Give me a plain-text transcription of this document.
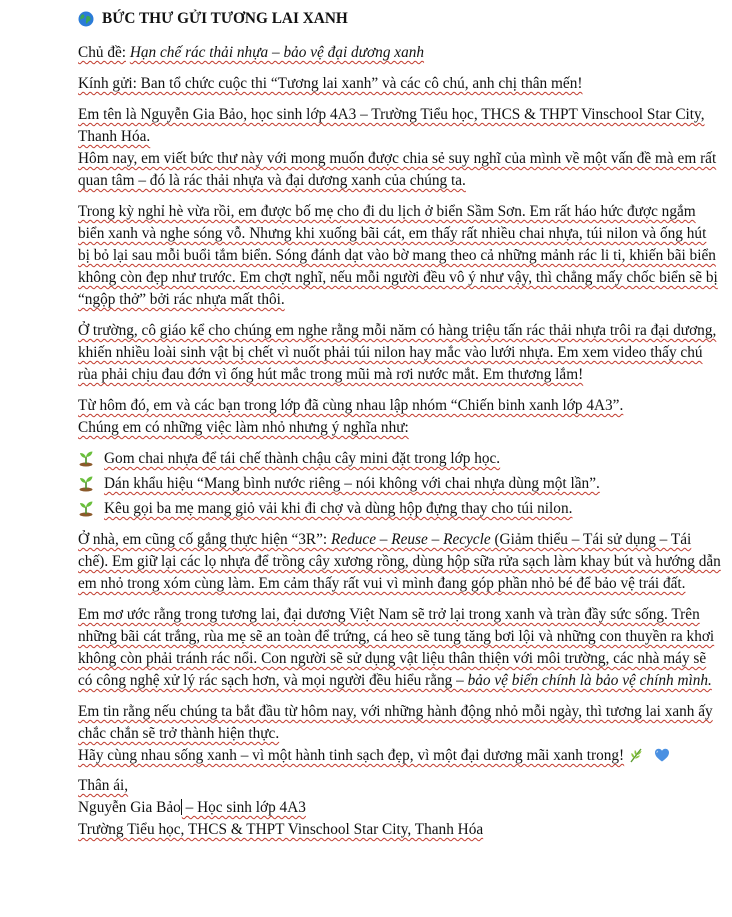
BỨC THƯ GỬI TƯƠNG LAI XANH

Chủ đề: Hạn chế rác thải nhựa – bảo vệ đại dương xanh

Kính gửi: Ban tổ chức cuộc thi “Tương lai xanh” và các cô chú, anh chị thân mến!

Em tên là Nguyễn Gia Bảo, học sinh lớp 4A3 – Trường Tiểu học, THCS & THPT Vinschool Star City, Thanh Hóa.

Hôm nay, em viết bức thư này với mong muốn được chia sẻ suy nghĩ của mình về một vấn đề mà em rất quan tâm – đó là rác thải nhựa và đại dương xanh của chúng ta.

Trong kỳ nghỉ hè vừa rồi, em được bố mẹ cho đi du lịch ở biển Sầm Sơn. Em rất háo hức được ngắm biển xanh và nghe sóng vỗ. Nhưng khi xuống bãi cát, em thấy rất nhiều chai nhựa, túi nilon và ống hút bị bỏ lại sau mỗi buổi tắm biển. Sóng đánh dạt vào bờ mang theo cả những mảnh rác li ti, khiến bãi biển không còn đẹp như trước. Em chợt nghĩ, nếu mỗi người đều vô ý như vậy, thì chẳng mấy chốc biển sẽ bị “ngộp thở” bởi rác nhựa mất thôi.

Ở trường, cô giáo kể cho chúng em nghe rằng mỗi năm có hàng triệu tấn rác thải nhựa trôi ra đại dương, khiến nhiều loài sinh vật bị chết vì nuốt phải túi nilon hay mắc vào lưới nhựa. Em xem video thấy chú rùa phải chịu đau đớn vì ống hút mắc trong mũi mà rơi nước mắt. Em thương lắm!

Từ hôm đó, em và các bạn trong lớp đã cùng nhau lập nhóm “Chiến binh xanh lớp 4A3”.

Chúng em có những việc làm nhỏ nhưng ý nghĩa như:

Gom chai nhựa để tái chế thành chậu cây mini đặt trong lớp học.
Dán khẩu hiệu “Mang bình nước riêng – nói không với chai nhựa dùng một lần”.
Kêu gọi ba mẹ mang giỏ vải khi đi chợ và dùng hộp đựng thay cho túi nilon.

Ở nhà, em cũng cố gắng thực hiện “3R”: Reduce – Reuse – Recycle (Giảm thiểu – Tái sử dụng – Tái chế). Em giữ lại các lọ nhựa để trồng cây xương rồng, dùng hộp sữa rửa sạch làm khay bút và hướng dẫn em nhỏ trong xóm cùng làm. Em cảm thấy rất vui vì mình đang góp phần nhỏ bé để bảo vệ trái đất.

Em mơ ước rằng trong tương lai, đại dương Việt Nam sẽ trở lại trong xanh và tràn đầy sức sống. Trên những bãi cát trắng, rùa mẹ sẽ an toàn để trứng, cá heo sẽ tung tăng bơi lội và những con thuyền ra khơi không còn phải tránh rác nổi. Con người sẽ sử dụng vật liệu thân thiện với môi trường, các nhà máy sẽ có công nghệ xử lý rác sạch hơn, và mọi người đều hiểu rằng – bảo vệ biển chính là bảo vệ chính mình.

Em tin rằng nếu chúng ta bắt đầu từ hôm nay, với những hành động nhỏ mỗi ngày, thì tương lai xanh ấy chắc chắn sẽ trở thành hiện thực.

Hãy cùng nhau sống xanh – vì một hành tinh sạch đẹp, vì một đại dương mãi xanh trong!

Thân ái,

Nguyễn Gia Bảo – Học sinh lớp 4A3

Trường Tiểu học, THCS & THPT Vinschool Star City, Thanh Hóa
